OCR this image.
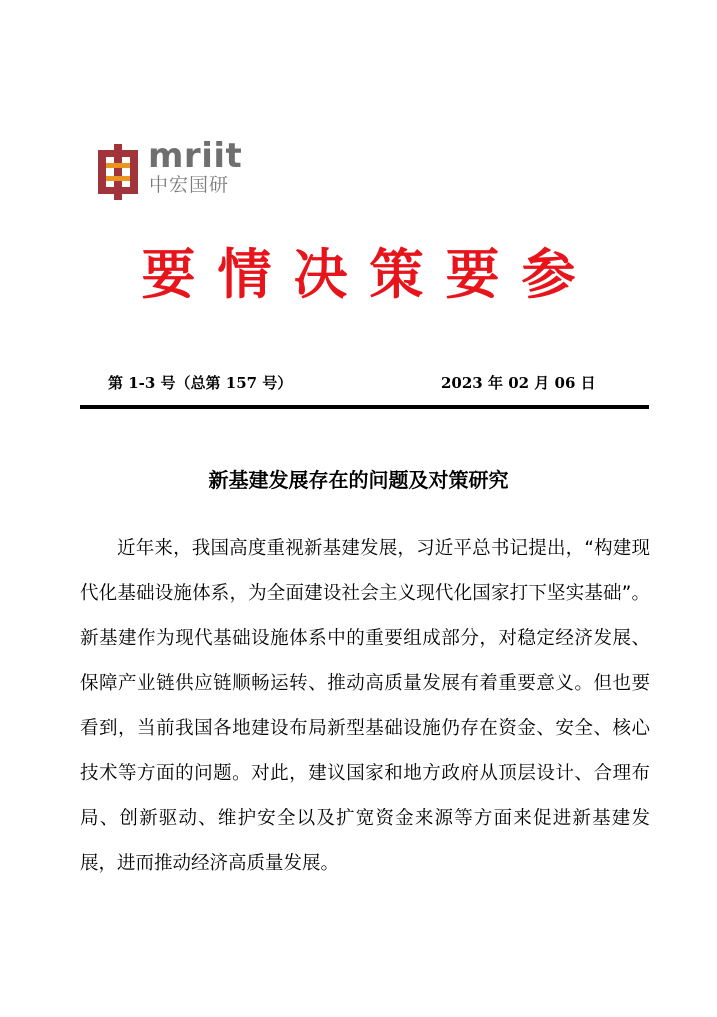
mriit
中宏国研
要情决策要参
第 1-3 号（总第 157 号）	2023 年 02 月 06 日
新基建发展存在的问题及对策研究

近年来，我国高度重视新基建发展，习近平总书记提出，“构建现代化基础设施体系，为全面建设社会主义现代化国家打下坚实基础”。新基建作为现代基础设施体系中的重要组成部分，对稳定经济发展、保障产业链供应链顺畅运转、推动高质量发展有着重要意义。但也要看到，当前我国各地建设布局新型基础设施仍存在资金、安全、核心技术等方面的问题。对此，建议国家和地方政府从顶层设计、合理布局、创新驱动、维护安全以及扩宽资金来源等方面来促进新基建发展，进而推动经济高质量发展。
